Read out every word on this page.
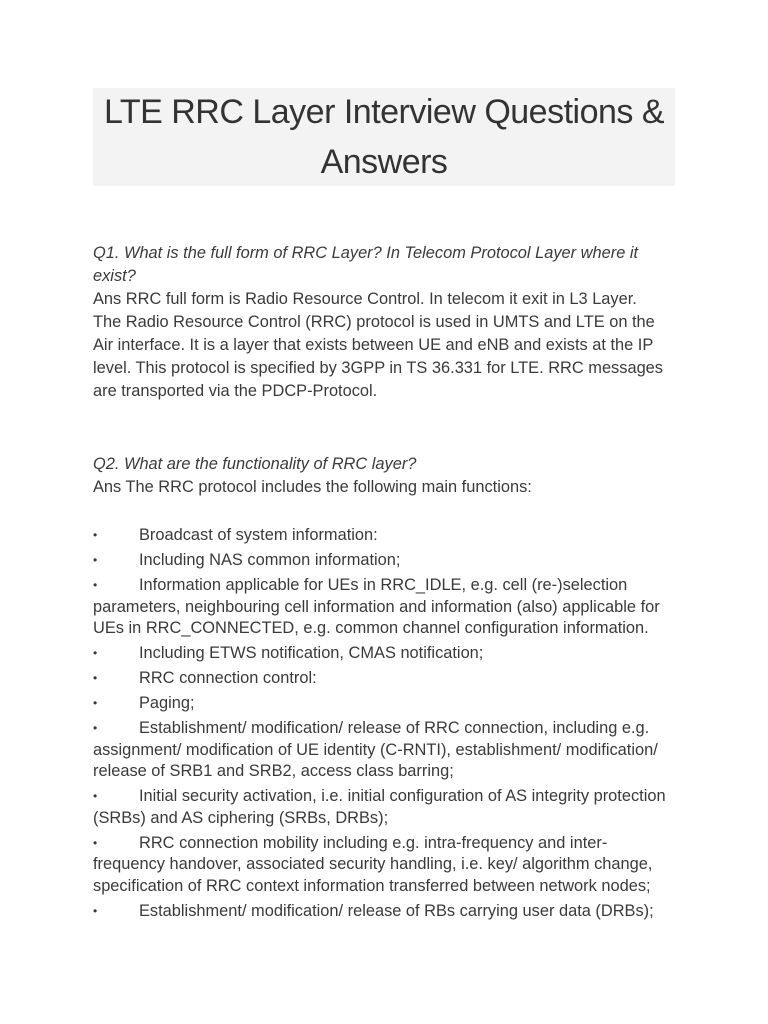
LTE RRC Layer Interview Questions & Answers

Q1. What is the full form of RRC Layer? In Telecom Protocol Layer where it exist?

Ans RRC full form is Radio Resource Control. In telecom it exit in L3 Layer.

The Radio Resource Control (RRC) protocol is used in UMTS and LTE on the Air interface. It is a layer that exists between UE and eNB and exists at the IP level. This protocol is specified by 3GPP in TS 36.331 for LTE. RRC messages are transported via the PDCP-Protocol.

Q2. What are the functionality of RRC layer?

Ans The RRC protocol includes the following main functions:

•	Broadcast of system information:
•	Including NAS common information;
•	Information applicable for UEs in RRC_IDLE, e.g. cell (re-)selection parameters, neighbouring cell information and information (also) applicable for UEs in RRC_CONNECTED, e.g. common channel configuration information.
•	Including ETWS notification, CMAS notification;
•	RRC connection control:
•	Paging;
•	Establishment/ modification/ release of RRC connection, including e.g. assignment/ modification of UE identity (C-RNTI), establishment/ modification/ release of SRB1 and SRB2, access class barring;
•	Initial security activation, i.e. initial configuration of AS integrity protection (SRBs) and AS ciphering (SRBs, DRBs);
•	RRC connection mobility including e.g. intra-frequency and inter-frequency handover, associated security handling, i.e. key/ algorithm change, specification of RRC context information transferred between network nodes;
•	Establishment/ modification/ release of RBs carrying user data (DRBs);
